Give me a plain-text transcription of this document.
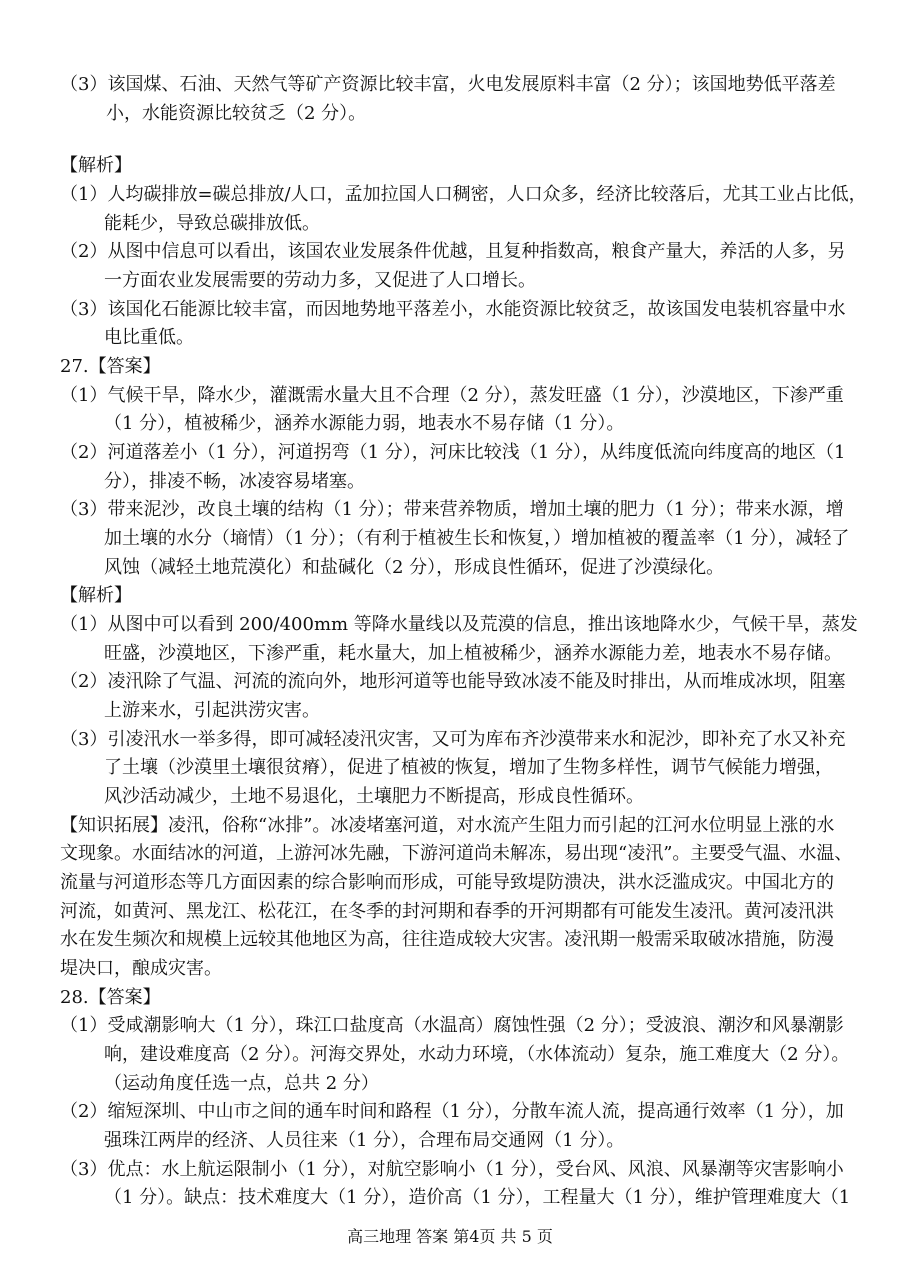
（3）该国煤、石油、天然气等矿产资源比较丰富，火电发展原料丰富（2 分）；该国地势低平落差
小，水能资源比较贫乏（2 分）。
【解析】
（1）人均碳排放=碳总排放/人口，孟加拉国人口稠密，人口众多，经济比较落后，尤其工业占比低，
能耗少，导致总碳排放低。
（2）从图中信息可以看出，该国农业发展条件优越，且复种指数高，粮食产量大，养活的人多，另
一方面农业发展需要的劳动力多，又促进了人口增长。
（3）该国化石能源比较丰富，而因地势地平落差小，水能资源比较贫乏，故该国发电装机容量中水
电比重低。
27.【答案】
（1）气候干旱，降水少，灌溉需水量大且不合理（2 分），蒸发旺盛（1 分），沙漠地区，下渗严重
（1 分），植被稀少，涵养水源能力弱，地表水不易存储（1 分）。
（2）河道落差小（1 分），河道拐弯（1 分），河床比较浅（1 分），从纬度低流向纬度高的地区（1
分），排凌不畅，冰凌容易堵塞。
（3）带来泥沙，改良土壤的结构（1 分）；带来营养物质，增加土壤的肥力（1 分）；带来水源，增
加土壤的水分（墒情）（1 分）；（有利于植被生长和恢复，）增加植被的覆盖率（1 分），减轻了
风蚀（减轻土地荒漠化）和盐碱化（2 分），形成良性循环，促进了沙漠绿化。
【解析】
（1）从图中可以看到 200/400mm 等降水量线以及荒漠的信息，推出该地降水少，气候干旱，蒸发
旺盛，沙漠地区，下渗严重，耗水量大，加上植被稀少，涵养水源能力差，地表水不易存储。
（2）凌汛除了气温、河流的流向外，地形河道等也能导致冰凌不能及时排出，从而堆成冰坝，阻塞
上游来水，引起洪涝灾害。
（3）引凌汛水一举多得，即可减轻凌汛灾害，又可为库布齐沙漠带来水和泥沙，即补充了水又补充
了土壤（沙漠里土壤很贫瘠），促进了植被的恢复，增加了生物多样性，调节气候能力增强，
风沙活动减少，土地不易退化，土壤肥力不断提高，形成良性循环。
【知识拓展】凌汛，俗称“冰排”。冰凌堵塞河道，对水流产生阻力而引起的江河水位明显上涨的水
文现象。水面结冰的河道，上游河冰先融，下游河道尚未解冻，易出现“凌汛”。主要受气温、水温、
流量与河道形态等几方面因素的综合影响而形成，可能导致堤防溃决，洪水泛滥成灾。中国北方的
河流，如黄河、黑龙江、松花江，在冬季的封河期和春季的开河期都有可能发生凌汛。黄河凌汛洪
水在发生频次和规模上远较其他地区为高，往往造成较大灾害。凌汛期一般需采取破冰措施，防漫
堤决口，酿成灾害。
28.【答案】
（1）受咸潮影响大（1 分），珠江口盐度高（水温高）腐蚀性强（2 分）；受波浪、潮汐和风暴潮影
响，建设难度高（2 分）。河海交界处，水动力环境，（水体流动）复杂，施工难度大（2 分）。
（运动角度任选一点，总共 2 分）
（2）缩短深圳、中山市之间的通车时间和路程（1 分），分散车流人流，提高通行效率（1 分），加
强珠江两岸的经济、人员往来（1 分），合理布局交通网（1 分）。
（3）优点：水上航运限制小（1 分），对航空影响小（1 分），受台风、风浪、风暴潮等灾害影响小
（1 分）。缺点：技术难度大（1 分），造价高（1 分），工程量大（1 分），维护管理难度大（1
高三地理 答案 第4页 共 5 页
